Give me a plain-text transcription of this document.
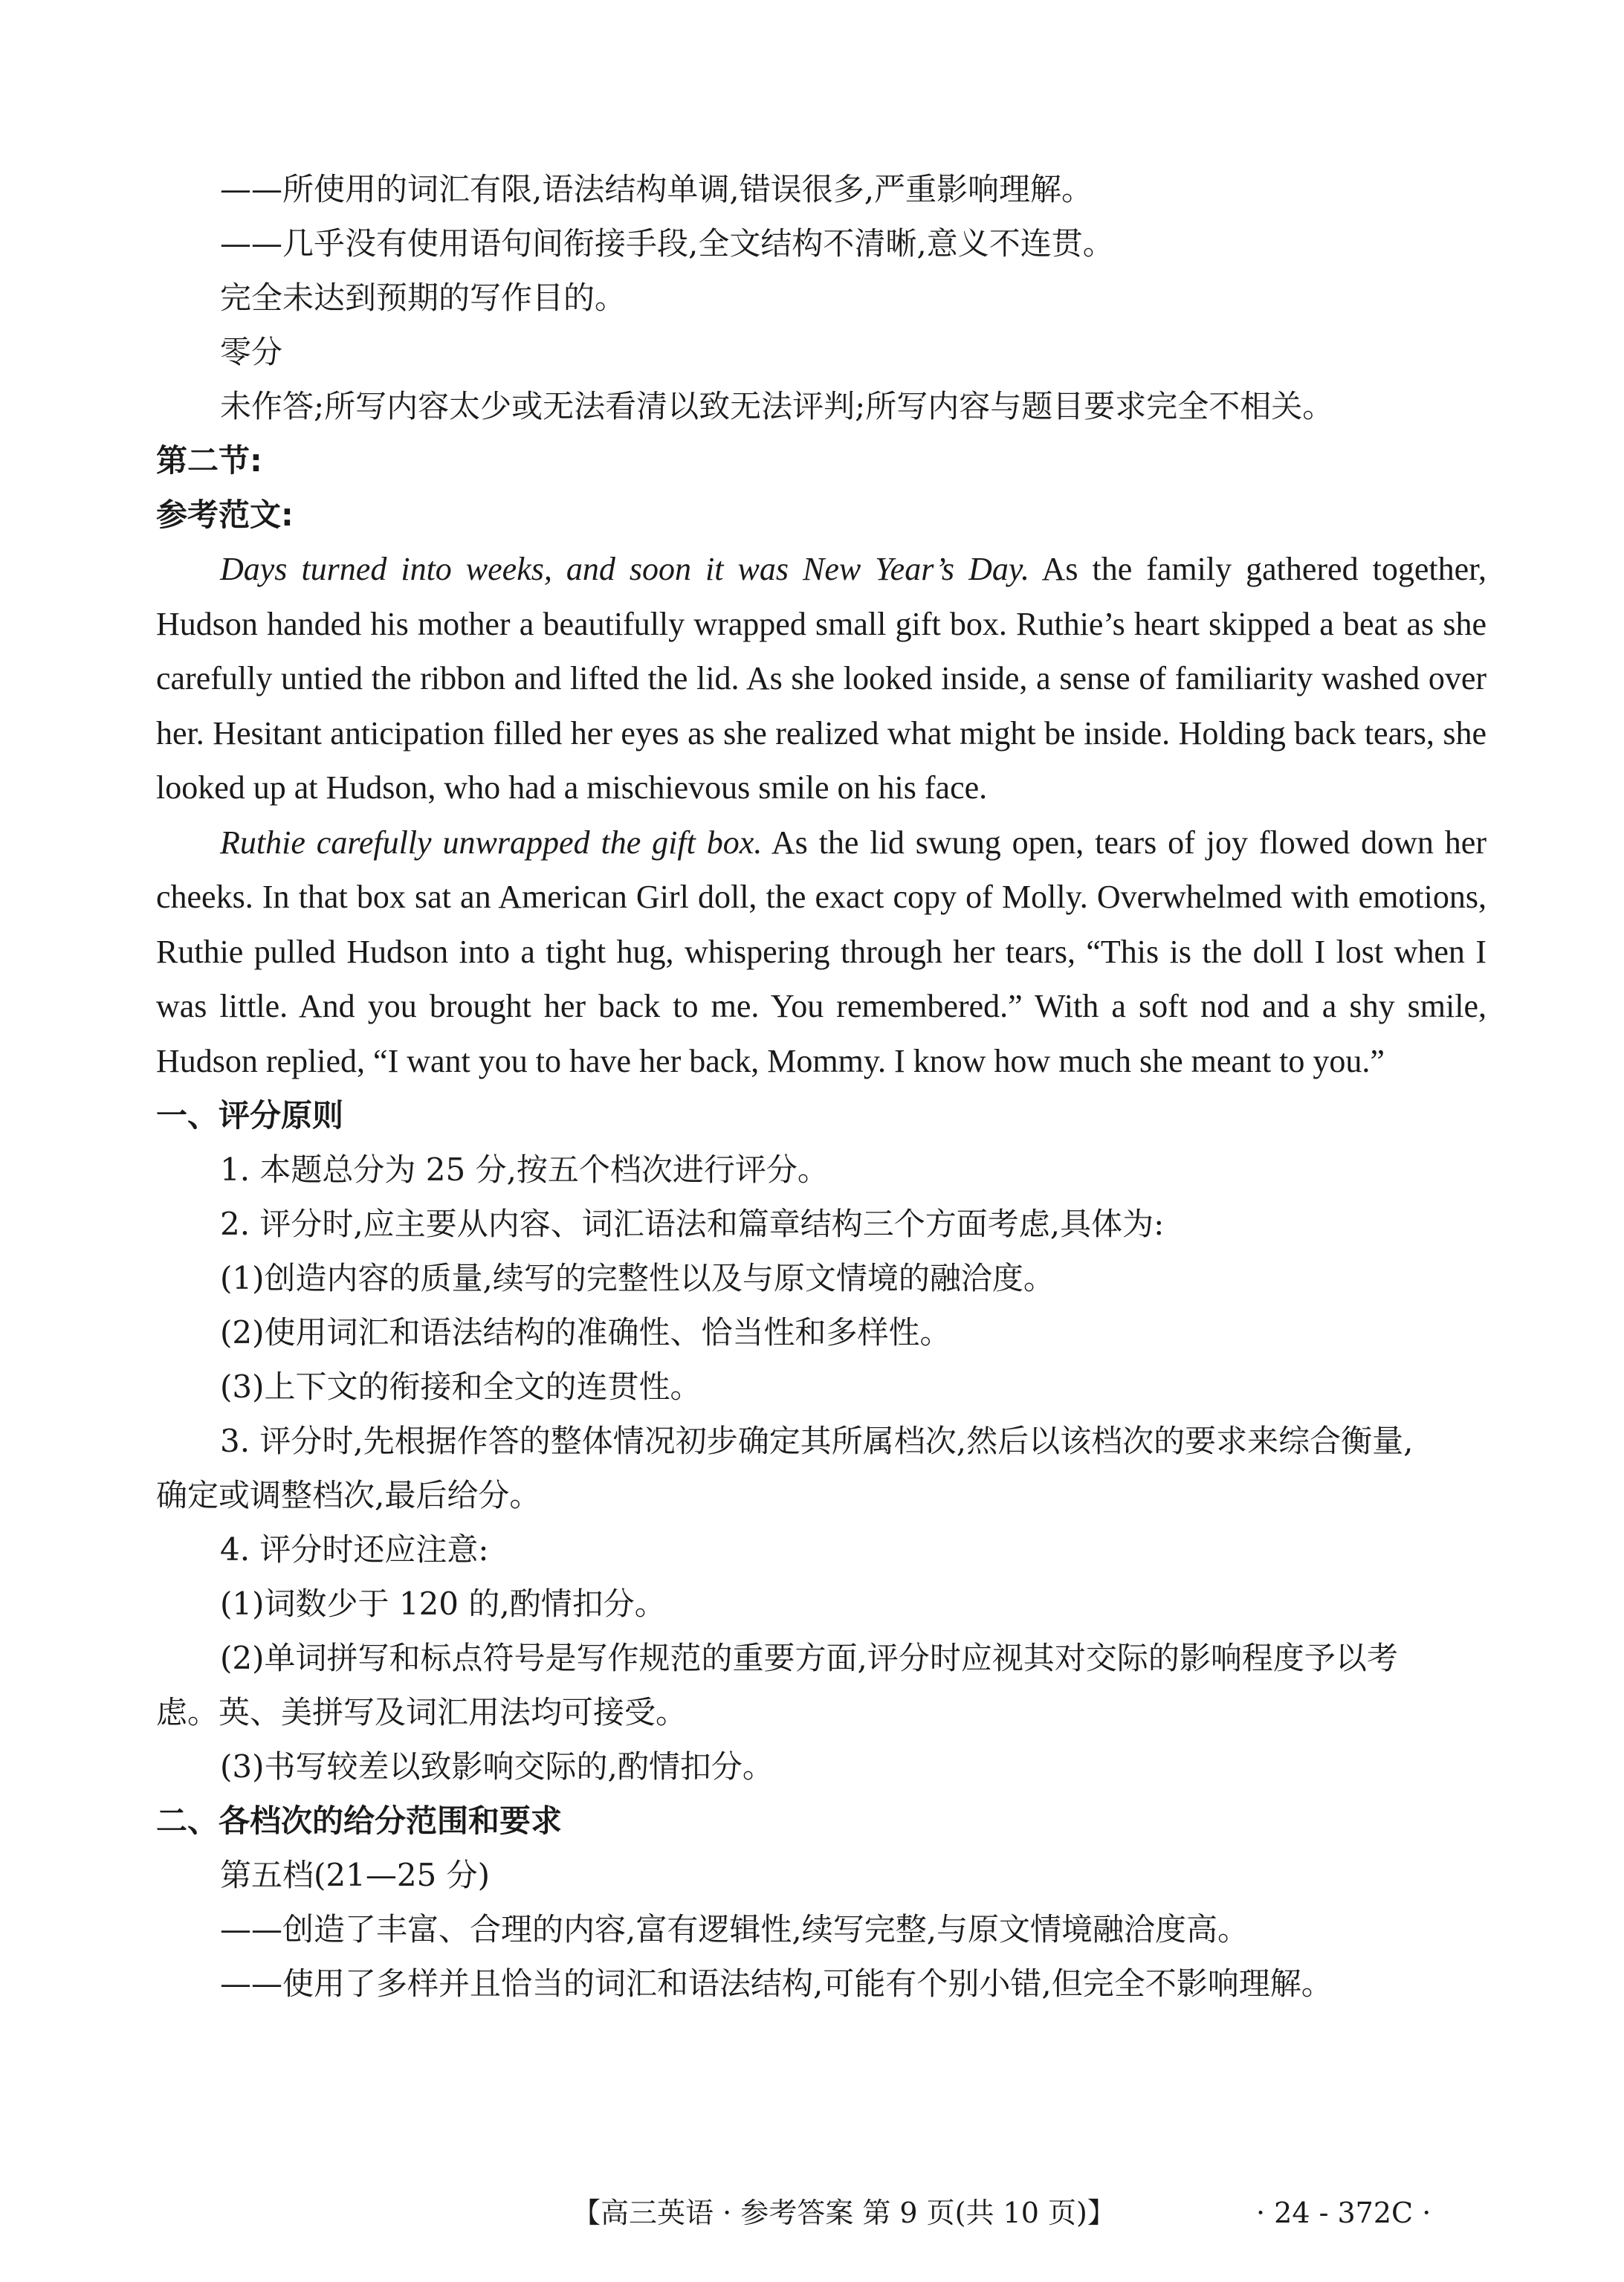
——所使用的词汇有限,语法结构单调,错误很多,严重影响理解。

——几乎没有使用语句间衔接手段,全文结构不清晰,意义不连贯。

完全未达到预期的写作目的。

零分

未作答;所写内容太少或无法看清以致无法评判;所写内容与题目要求完全不相关。

第二节:

参考范文:

Days turned into weeks, and soon it was New Year’s Day. As the family gathered together, Hudson handed his mother a beautifully wrapped small gift box. Ruthie’s heart skipped a beat as she carefully untied the ribbon and lifted the lid. As she looked inside, a sense of familiarity washed over her. Hesitant anticipation filled her eyes as she realized what might be inside. Holding back tears, she looked up at Hudson, who had a mischievous smile on his face.

Ruthie carefully unwrapped the gift box. As the lid swung open, tears of joy flowed down her cheeks. In that box sat an American Girl doll, the exact copy of Molly. Overwhelmed with emotions, Ruthie pulled Hudson into a tight hug, whispering through her tears, “This is the doll I lost when I was little. And you brought her back to me. You remembered.” With a soft nod and a shy smile, Hudson replied, “I want you to have her back, Mommy. I know how much she meant to you.”

一、评分原则

1. 本题总分为 25 分,按五个档次进行评分。

2. 评分时,应主要从内容、词汇语法和篇章结构三个方面考虑,具体为:

(1)创造内容的质量,续写的完整性以及与原文情境的融洽度。

(2)使用词汇和语法结构的准确性、恰当性和多样性。

(3)上下文的衔接和全文的连贯性。

3. 评分时,先根据作答的整体情况初步确定其所属档次,然后以该档次的要求来综合衡量,

确定或调整档次,最后给分。

4. 评分时还应注意:

(1)词数少于 120 的,酌情扣分。

(2)单词拼写和标点符号是写作规范的重要方面,评分时应视其对交际的影响程度予以考

虑。英、美拼写及词汇用法均可接受。

(3)书写较差以致影响交际的,酌情扣分。

二、各档次的给分范围和要求

第五档(21—25 分)

——创造了丰富、合理的内容,富有逻辑性,续写完整,与原文情境融洽度高。

——使用了多样并且恰当的词汇和语法结构,可能有个别小错,但完全不影响理解。

【高三英语 · 参考答案 第 9 页(共 10 页)】	· 24 - 372C ·
